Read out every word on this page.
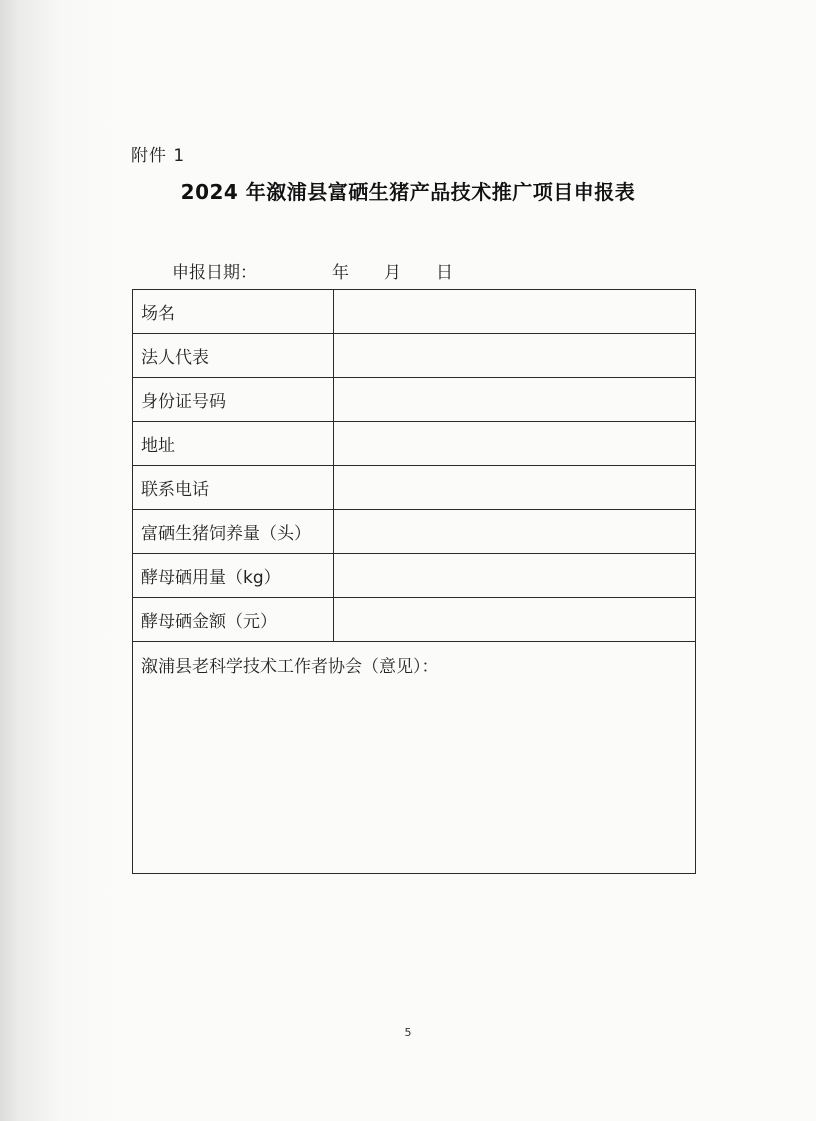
附件 1
2024 年溆浦县富硒生猪产品技术推广项目申报表
申报日期：	年 月 日
场名	
法人代表	
身份证号码	
地址	
联系电话	
富硒生猪饲养量（头）	
酵母硒用量（kg）	
酵母硒金额（元）	
溆浦县老科学技术工作者协会（意见）：	
5
